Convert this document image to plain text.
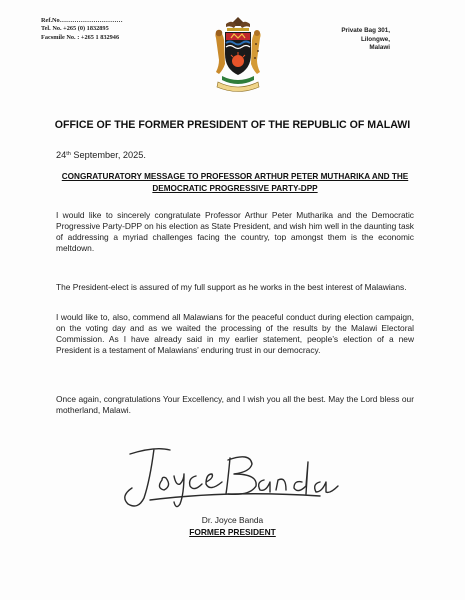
Ref.No…………………………
Tel. No. +265 (0) 1832895
Facsmile No. : +265 1 832946
Private Bag 301,
Lilongwe,
Malawi
OFFICE OF THE FORMER PRESIDENT OF THE REPUBLIC OF MALAWI
24th September, 2025.
CONGRATURATORY MESSAGE TO PROFESSOR ARTHUR PETER MUTHARIKA AND THE DEMOCRATIC PROGRESSIVE PARTY-DPP

I would like to sincerely congratulate Professor Arthur Peter Mutharika and the Democratic Progressive Party-DPP on his election as State President, and wish him well in the daunting task of addressing a myriad challenges facing the country, top amongst them is the economic meltdown.

The President-elect is assured of my full support as he works in the best interest of Malawians.

I would like to, also, commend all Malawians for the peaceful conduct during election campaign, on the voting day and as we waited the processing of the results by the Malawi Electoral Commission. As I have already said in my earlier statement, people’s election of a new President is a testament of Malawians’ enduring trust in our democracy.

Once again, congratulations Your Excellency, and I wish you all the best. May the Lord bless our motherland, Malawi.

Dr. Joyce Banda
FORMER PRESIDENT
